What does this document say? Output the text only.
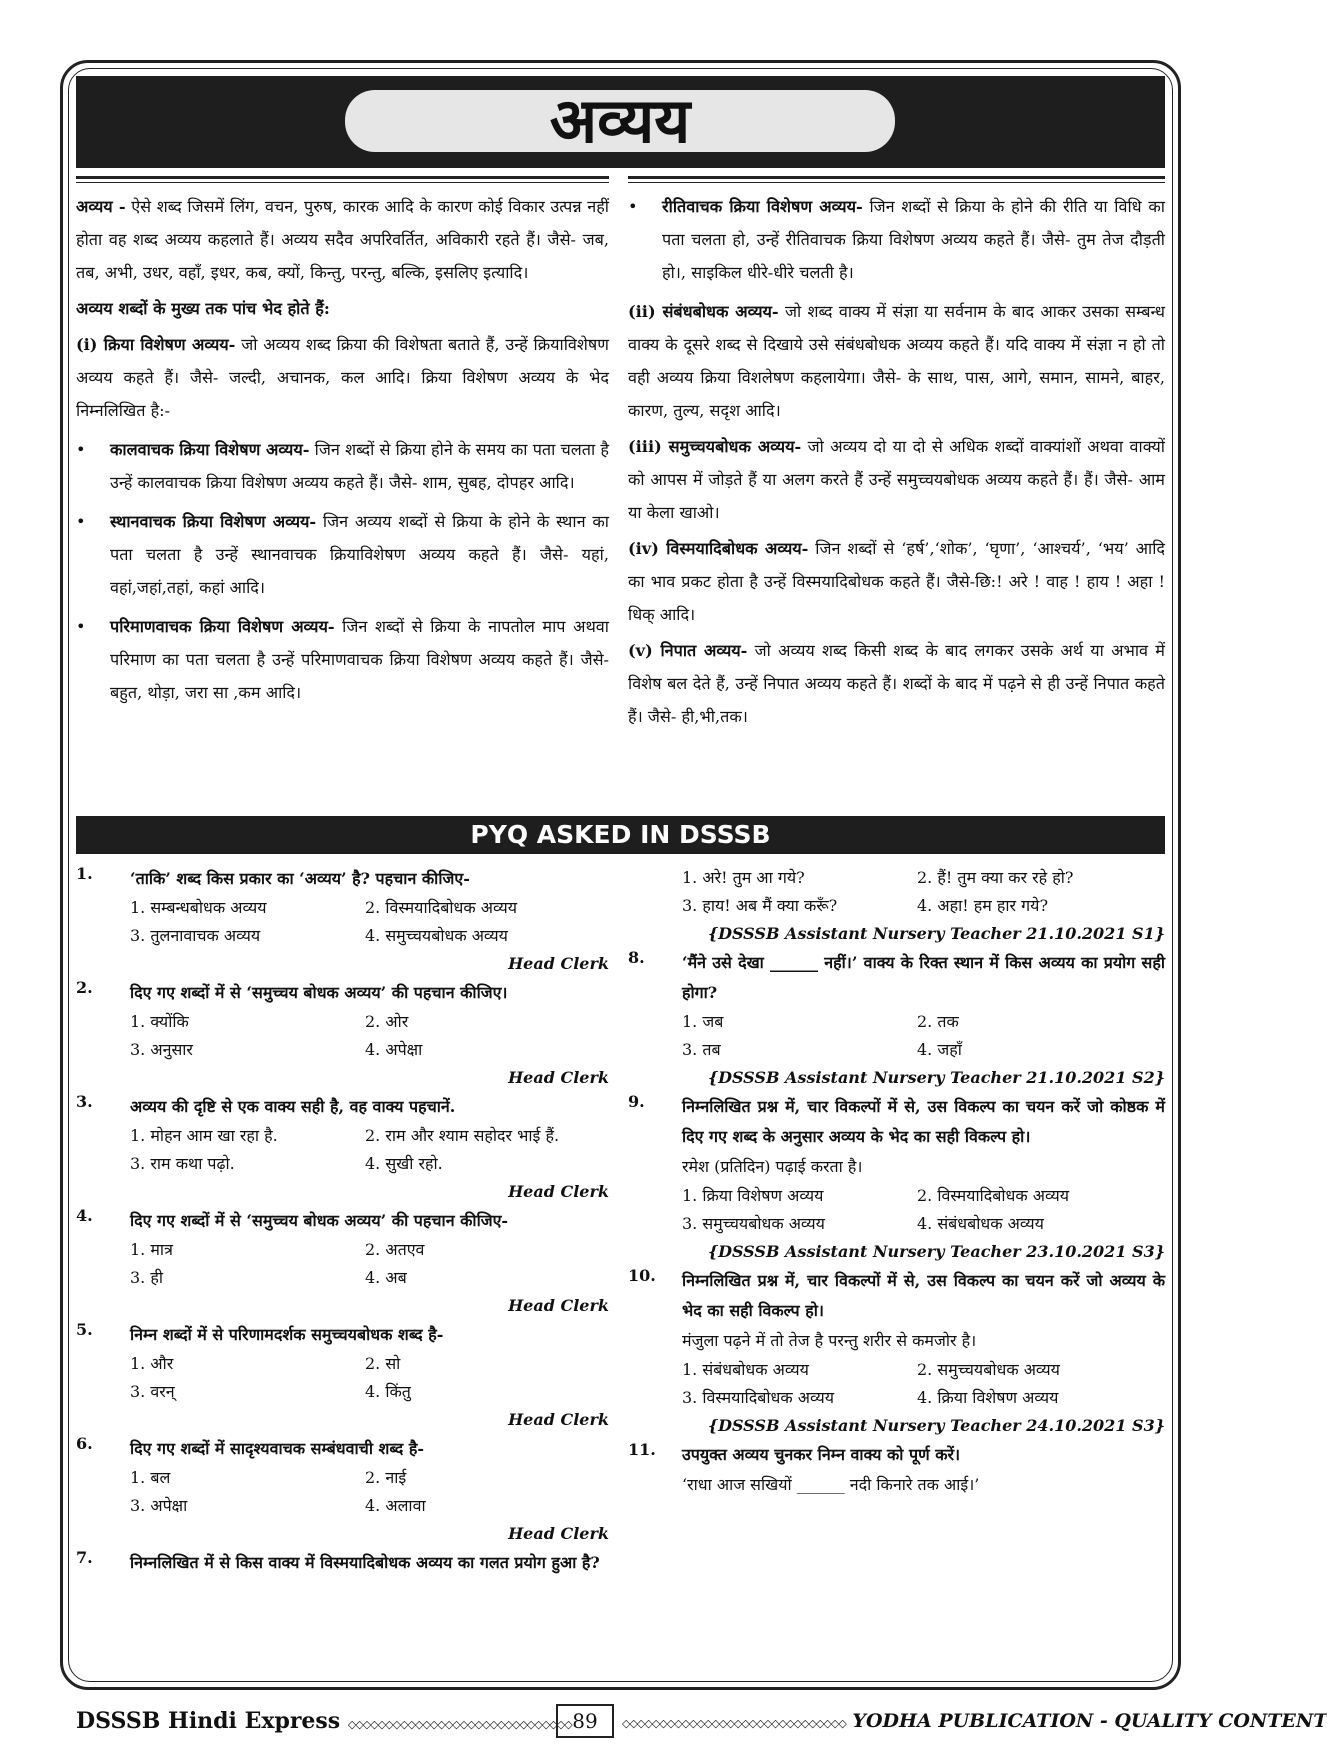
अव्यय

अव्यय - ऐसे शब्द जिसमें लिंग, वचन, पुरुष, कारक आदि के कारण कोई विकार उत्पन्न नहीं होता वह शब्द अव्यय कहलाते हैं। अव्यय सदैव अपरिवर्तित, अविकारी रहते हैं। जैसे- जब, तब, अभी, उधर, वहाँ, इधर, कब, क्यों, किन्तु, परन्तु, बल्कि, इसलिए इत्यादि।

अव्यय शब्दों के मुख्य तक पांच भेद होते हैं:

(i) क्रिया विशेषण अव्यय- जो अव्यय शब्द क्रिया की विशेषता बताते हैं, उन्हें क्रियाविशेषण अव्यय कहते हैं। जैसे- जल्दी, अचानक, कल आदि। क्रिया विशेषण अव्यय के भेद निम्नलिखित है:-

• कालवाचक क्रिया विशेषण अव्यय- जिन शब्दों से क्रिया होने के समय का पता चलता है उन्हें कालवाचक क्रिया विशेषण अव्यय कहते हैं। जैसे- शाम, सुबह, दोपहर आदि।
• स्थानवाचक क्रिया विशेषण अव्यय- जिन अव्यय शब्दों से क्रिया के होने के स्थान का पता चलता है उन्हें स्थानवाचक क्रियाविशेषण अव्यय कहते हैं। जैसे- यहां, वहां,जहां,तहां, कहां आदि।
• परिमाणवाचक क्रिया विशेषण अव्यय- जिन शब्दों से क्रिया के नापतोल माप अथवा परिमाण का पता चलता है उन्हें परिमाणवाचक क्रिया विशेषण अव्यय कहते हैं। जैसे- बहुत, थोड़ा, जरा सा ,कम आदि।
• रीतिवाचक क्रिया विशेषण अव्यय- जिन शब्दों से क्रिया के होने की रीति या विधि का पता चलता हो, उन्हें रीतिवाचक क्रिया विशेषण अव्यय कहते हैं। जैसे- तुम तेज दौड़ती हो।, साइकिल धीरे-धीरे चलती है।

(ii) संबंधबोधक अव्यय- जो शब्द वाक्य में संज्ञा या सर्वनाम के बाद आकर उसका सम्बन्ध वाक्य के दूसरे शब्द से दिखाये उसे संबंधबोधक अव्यय कहते हैं। यदि वाक्य में संज्ञा न हो तो वही अव्यय क्रिया विशलेषण कहलायेगा। जैसे- के साथ, पास, आगे, समान, सामने, बाहर, कारण, तुल्य, सदृश आदि।

(iii) समुच्चयबोधक अव्यय- जो अव्यय दो या दो से अधिक शब्दों वाक्यांशों अथवा वाक्यों को आपस में जोड़ते हैं या अलग करते हैं उन्हें समुच्चयबोधक अव्यय कहते हैं। हैं। जैसे- आम या केला खाओ।

(iv) विस्मयादिबोधक अव्यय- जिन शब्दों से ‘हर्ष’,‘शोक’, ‘घृणा’, ‘आश्चर्य’, ‘भय’ आदि का भाव प्रकट होता है उन्हें विस्मयादिबोधक कहते हैं। जैसे-छि:! अरे ! वाह ! हाय ! अहा ! धिक् आदि।

(v) निपात अव्यय- जो अव्यय शब्द किसी शब्द के बाद लगकर उसके अर्थ या अभाव में विशेष बल देते हैं, उन्हें निपात अव्यय कहते हैं। शब्दों के बाद में पढ़ने से ही उन्हें निपात कहते हैं। जैसे- ही,भी,तक।

PYQ ASKED IN DSSSB
1. ‘ताकि’ शब्द किस प्रकार का ‘अव्यय’ है? पहचान कीजिए-
1. सम्बन्धबोधक अव्यय	2. विस्मयादिबोधक अव्यय
3. तुलनावाचक अव्यय	4. समुच्चयबोधक अव्यय
Head Clerk
2. दिए गए शब्दों में से ‘समुच्चय बोधक अव्यय’ की पहचान कीजिए।
1. क्योंकि	2. ओर
3. अनुसार	4. अपेक्षा
Head Clerk
3. अव्यय की दृष्टि से एक वाक्य सही है, वह वाक्य पहचानें.
1. मोहन आम खा रहा है.	2. राम और श्याम सहोदर भाई हैं.
3. राम कथा पढ़ो.	4. सुखी रहो.
Head Clerk
4. दिए गए शब्दों में से ‘समुच्चय बोधक अव्यय’ की पहचान कीजिए-
1. मात्र	2. अतएव
3. ही	4. अब
Head Clerk
5. निम्न शब्दों में से परिणामदर्शक समुच्चयबोधक शब्द है-
1. और	2. सो
3. वरन्	4. किंतु
Head Clerk
6. दिए गए शब्दों में सादृश्यवाचक सम्बंधवाची शब्द है-
1. बल	2. नाई
3. अपेक्षा	4. अलावा
Head Clerk
7. निम्नलिखित में से किस वाक्य में विस्मयादिबोधक अव्यय का गलत प्रयोग हुआ है?
1. अरे! तुम आ गये?	2. हैं! तुम क्या कर रहे हो?
3. हाय! अब मैं क्या करूँ?	4. अहा! हम हार गये?
{DSSSB Assistant Nursery Teacher 21.10.2021 S1}
8. ‘मैंने उसे देखा ______ नहीं।’ वाक्य के रिक्त स्थान में किस अव्यय का प्रयोग सही होगा?
1. जब	2. तक
3. तब	4. जहाँ
{DSSSB Assistant Nursery Teacher 21.10.2021 S2}
9. निम्नलिखित प्रश्न में, चार विकल्पों में से, उस विकल्प का चयन करें जो कोष्ठक में दिए गए शब्द के अनुसार अव्यय के भेद का सही विकल्प हो।
रमेश (प्रतिदिन) पढ़ाई करता है।
1. क्रिया विशेषण अव्यय	2. विस्मयादिबोधक अव्यय
3. समुच्चयबोधक अव्यय	4. संबंधबोधक अव्यय
{DSSSB Assistant Nursery Teacher 23.10.2021 S3}
10. निम्नलिखित प्रश्न में, चार विकल्पों में से, उस विकल्प का चयन करें जो अव्यय के भेद का सही विकल्प हो।
मंजुला पढ़ने में तो तेज है परन्तु शरीर से कमजोर है।
1. संबंधबोधक अव्यय	2. समुच्चयबोधक अव्यय
3. विस्मयादिबोधक अव्यय	4. क्रिया विशेषण अव्यय
{DSSSB Assistant Nursery Teacher 24.10.2021 S3}
11. उपयुक्त अव्यय चुनकर निम्न वाक्य को पूर्ण करें।
‘राधा आज सखियों ______ नदी किनारे तक आई।’
DSSSB Hindi Express ◇◇◇◇◇◇◇◇◇◇◇◇◇◇◇◇◇◇◇◇◇◇◇◇◇◇◇◇◇◇ 89	◇◇◇◇◇◇◇◇◇◇◇◇◇◇◇◇◇◇◇◇◇◇◇◇◇◇◇◇◇◇ YODHA PUBLICATION - QUALITY CONTENT
